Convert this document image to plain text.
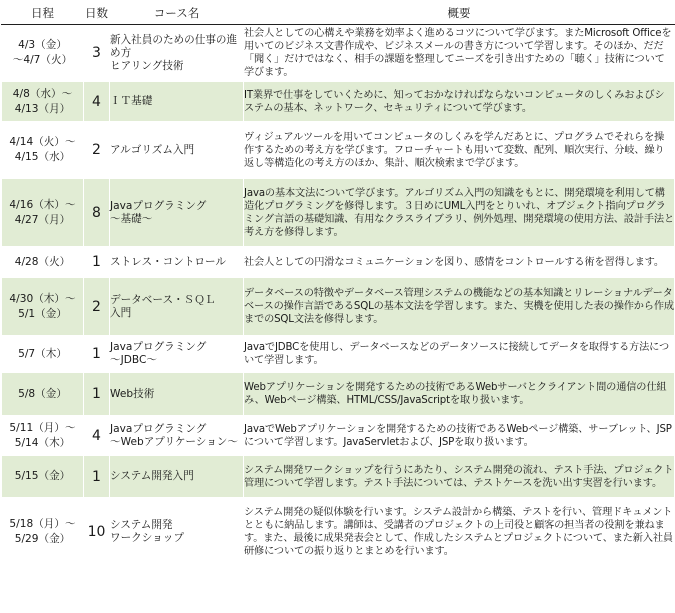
日程	日数	コース名	概要
4/3（金）
～4/7（火）	3	新入社員のための仕事の進
め方
ヒアリング技術	社会人としての心構えや業務を効率よく進めるコツについて学びます。またMicrosoft Officeを用いてのビジネス文書作成や、ビジネスメールの書き方について学習します。そのほか、だだ「聞く」だけではなく、相手の課題を整理してニーズを引き出すための「聴く」技術について学びます。
4/8（水）～
4/13（月）	4	ＩＴ基礎	IT業界で仕事をしていくために、知っておかなければならないコンピュータのしくみおよびシステムの基本、ネットワーク、セキュリティについて学びます。
4/14（火）～
4/15（水）	2	アルゴリズム入門	ヴィジュアルツールを用いてコンピュータのしくみを学んだあとに、プログラムでそれらを操作するための考え方を学びます。フローチャートも用いて変数、配列、順次実行、分岐、繰り返し等構造化の考え方のほか、集計、順次検索まで学びます。
4/16（木）～
4/27（月）	8	Javaプログラミング
～基礎～	Javaの基本文法について学びます。アルゴリズム入門の知識をもとに、開発環境を利用して構造化プログラミングを修得します。３日めにUML入門をとりいれ、オブジェクト指向プログラミング言語の基礎知識、有用なクラスライブラリ、例外処理、開発環境の使用方法、設計手法と考え方を修得します。
4/28（火）	1	ストレス・コントロール	社会人としての円滑なコミュニケーションを図り、感情をコントロールする術を習得します。
4/30（木）～
5/1（金）	2	データベース・ＳＱＬ
入門	データベースの特徴やデータベース管理システムの機能などの基本知識とリレーショナルデータベースの操作言語であるSQLの基本文法を学習します。また、実機を使用した表の操作から作成までのSQL文法を修得します。
5/7（木）	1	Javaプログラミング
～JDBC～	JavaでJDBCを使用し、データベースなどのデータソースに接続してデータを取得する方法について学習します。
5/8（金）	1	Web技術	Webアプリケーションを開発するための技術であるWebサーバとクライアント間の通信の仕組み、Webページ構築、HTML/CSS/JavaScriptを取り扱います。
5/11（月）～
5/14（木）	4	Javaプログラミング
～Webアプリケーション～	JavaでWebアプリケーションを開発するための技術であるWebページ構築、サーブレット、JSPについて学習します。JavaServletおよび、JSPを取り扱います。
5/15（金）	1	システム開発入門	システム開発ワークショップを行うにあたり、システム開発の流れ、テスト手法、プロジェクト管理について学習します。テスト手法については、テストケースを洗い出す実習を行います。
5/18（月）～
5/29（金）	10	システム開発
ワークショップ	システム開発の疑似体験を行います。システム設計から構築、テストを行い、管理ドキュメントとともに納品します。講師は、受講者のプロジェクトの上司役と顧客の担当者の役割を兼ねます。また、最後に成果発表会として、作成したシステムとプロジェクトについて、また新入社員研修についての振り返りとまとめを行います。
